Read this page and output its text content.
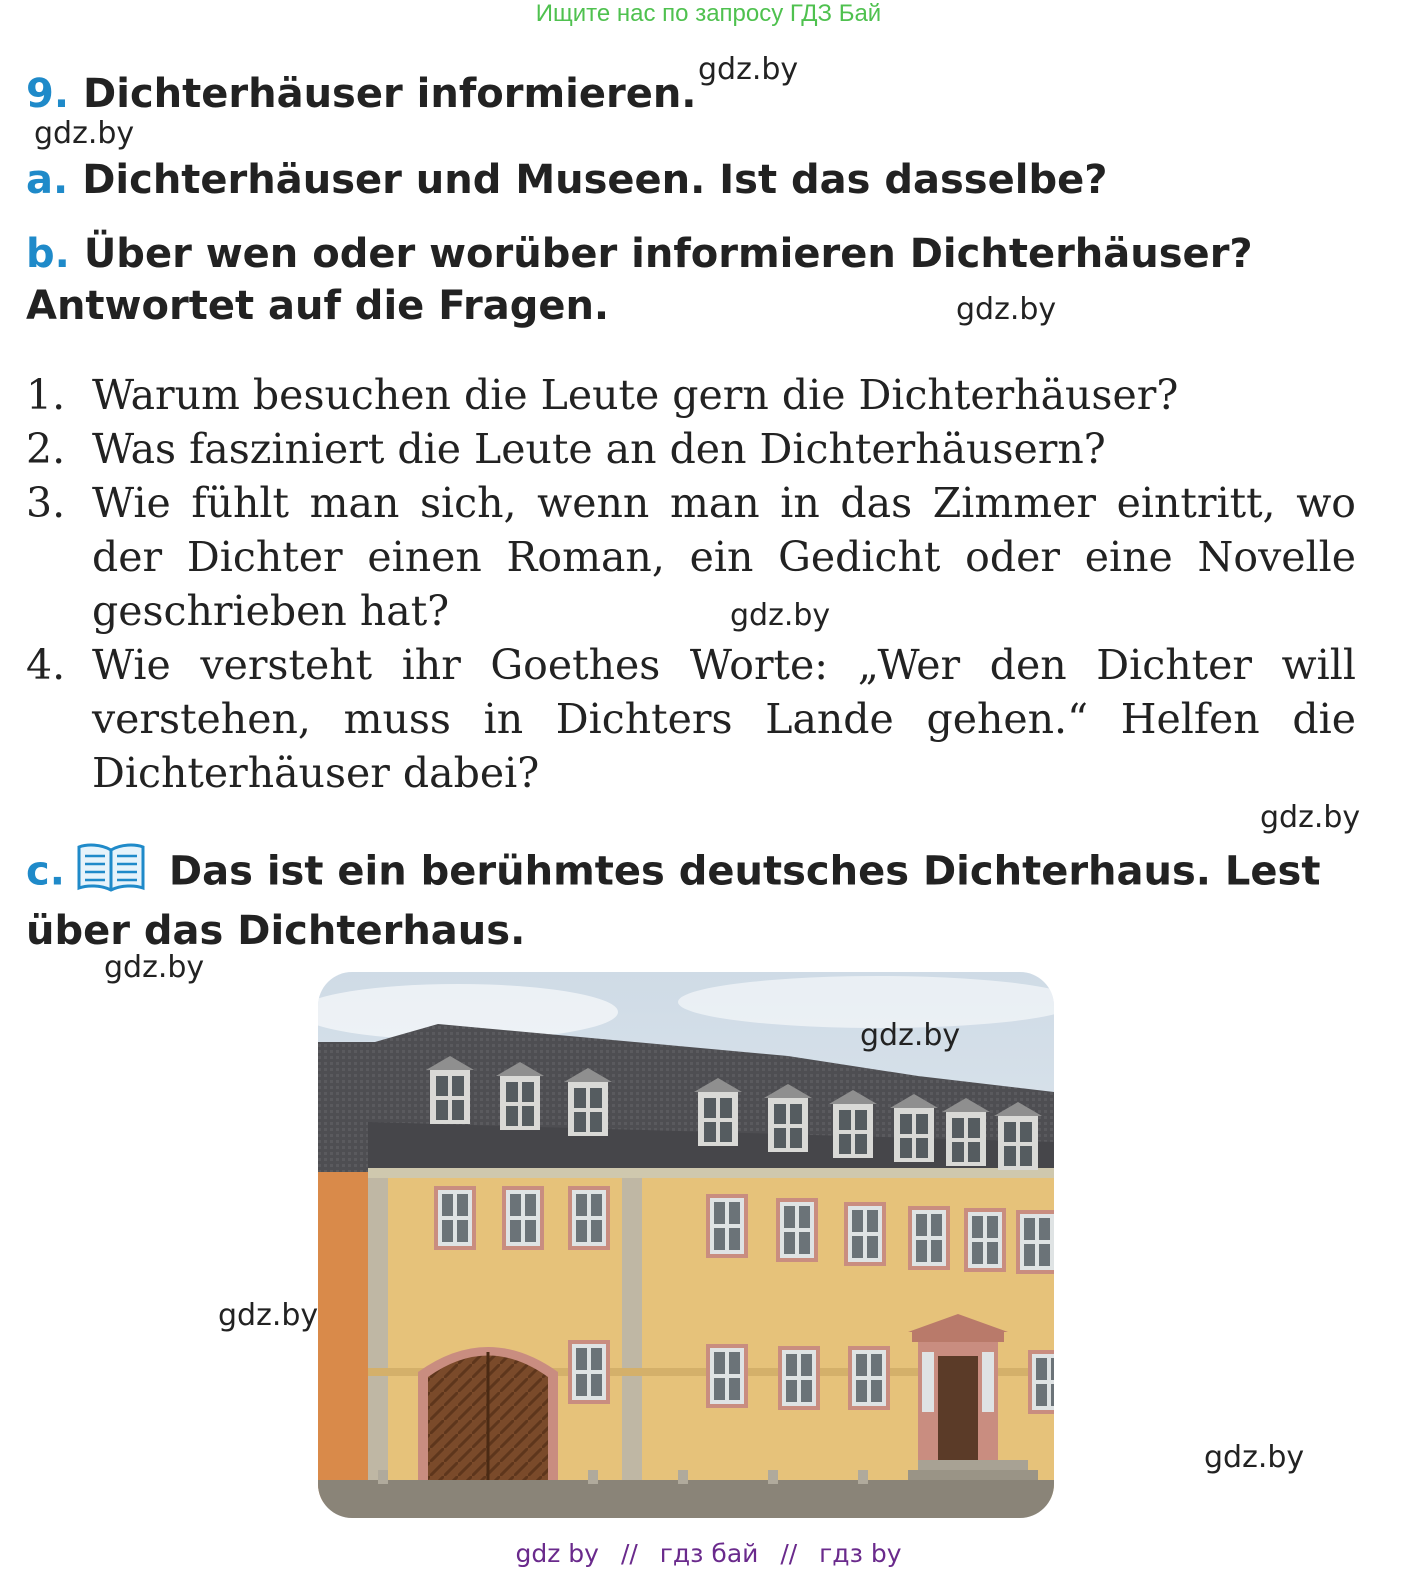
Ищите нас по запросу ГДЗ Бай
9. Dichterhäuser informieren.
a. Dichterhäuser und Museen. Ist das dasselbe?
b. Über wen oder worüber informieren Dichterhäuser? Antwortet auf die Fragen.
1. Warum besuchen die Leute gern die Dichterhäuser?
2. Was fasziniert die Leute an den Dichterhäusern?
3. Wie fühlt man sich, wenn man in das Zimmer eintritt, wo der Dichter einen Roman, ein Gedicht oder eine Novelle geschrieben hat?
4. Wie versteht ihr Goethes Worte: „Wer den Dichter will verstehen, muss in Dichters Lande gehen.“ Helfen die Dichterhäuser dabei?
c.	Das ist ein berühmtes deutsches Dichterhaus. Lest über das Dichterhaus.
gdz.by
gdz.by
gdz.by
gdz.by
gdz.by
gdz.by
gdz.by
gdz.by
gdz.by
gdz by // гдз бай // гдз by
